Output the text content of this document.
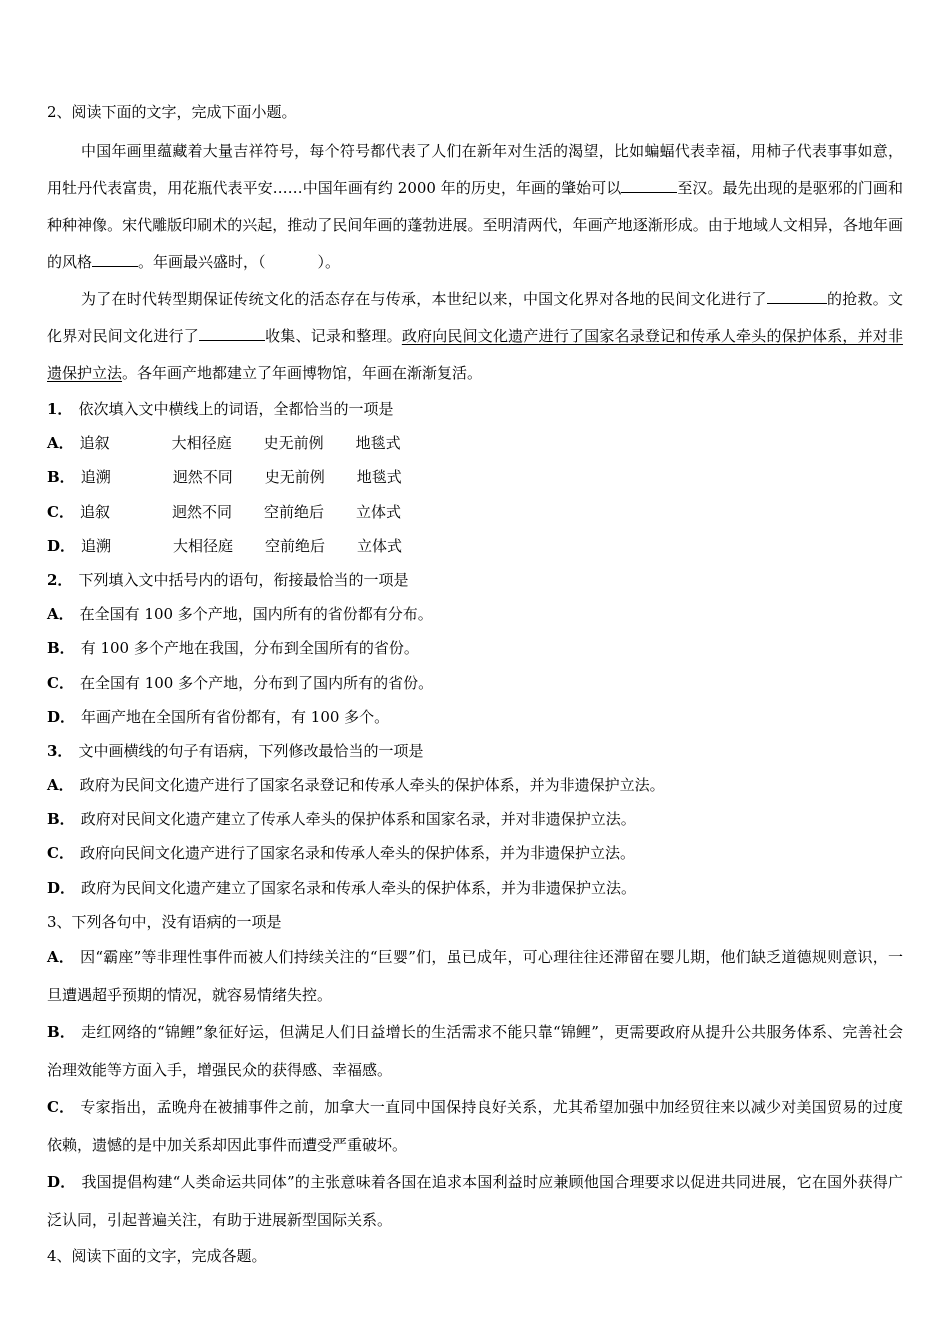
2、阅读下面的文字，完成下面小题。

中国年画里蕴藏着大量吉祥符号，每个符号都代表了人们在新年对生活的渴望，比如蝙蝠代表幸福，用柿子代表事事如意，用牡丹代表富贵，用花瓶代表平安……中国年画有约 2000 年的历史，年画的肇始可以	至汉。最先出现的是驱邪的门画和种种神像。宋代雕版印刷术的兴起，推动了民间年画的蓬勃进展。至明清两代，年画产地逐渐形成。由于地域人文相异，各地年画的风格	。年画最兴盛时，（	）。

为了在时代转型期保证传统文化的活态存在与传承，本世纪以来，中国文化界对各地的民间文化进行了	的抢救。文化界对民间文化进行了	收集、记录和整理。政府向民间文化遗产进行了国家名录登记和传承人牵头的保护体系，并对非遗保护立法。各年画产地都建立了年画博物馆，年画在渐渐复活。

1． 依次填入文中横线上的词语，全都恰当的一项是
A． 追叙	大相径庭 史无前例 地毯式
B． 追溯	迥然不同 史无前例 地毯式
C． 追叙	迥然不同 空前绝后 立体式
D． 追溯	大相径庭 空前绝后 立体式
2． 下列填入文中括号内的语句，衔接最恰当的一项是
A． 在全国有 100 多个产地，国内所有的省份都有分布。
B． 有 100 多个产地在我国，分布到全国所有的省份。
C． 在全国有 100 多个产地，分布到了国内所有的省份。
D． 年画产地在全国所有省份都有，有 100 多个。
3． 文中画横线的句子有语病，下列修改最恰当的一项是
A． 政府为民间文化遗产进行了国家名录登记和传承人牵头的保护体系，并为非遗保护立法。
B． 政府对民间文化遗产建立了传承人牵头的保护体系和国家名录，并对非遗保护立法。
C． 政府向民间文化遗产进行了国家名录和传承人牵头的保护体系，并为非遗保护立法。
D． 政府为民间文化遗产建立了国家名录和传承人牵头的保护体系，并为非遗保护立法。
3、下列各句中，没有语病的一项是

A． 因“霸座”等非理性事件而被人们持续关注的“巨婴”们，虽已成年，可心理往往还滞留在婴儿期，他们缺乏道德规则意识，一旦遭遇超乎预期的情况，就容易情绪失控。

B． 走红网络的“锦鲤”象征好运，但满足人们日益增长的生活需求不能只靠“锦鲤”，更需要政府从提升公共服务体系、完善社会治理效能等方面入手，增强民众的获得感、幸福感。

C． 专家指出，孟晚舟在被捕事件之前，加拿大一直同中国保持良好关系，尤其希望加强中加经贸往来以减少对美国贸易的过度依赖，遗憾的是中加关系却因此事件而遭受严重破坏。

D． 我国提倡构建“人类命运共同体”的主张意味着各国在追求本国利益时应兼顾他国合理要求以促进共同进展，它在国外获得广泛认同，引起普遍关注，有助于进展新型国际关系。

4、阅读下面的文字，完成各题。
